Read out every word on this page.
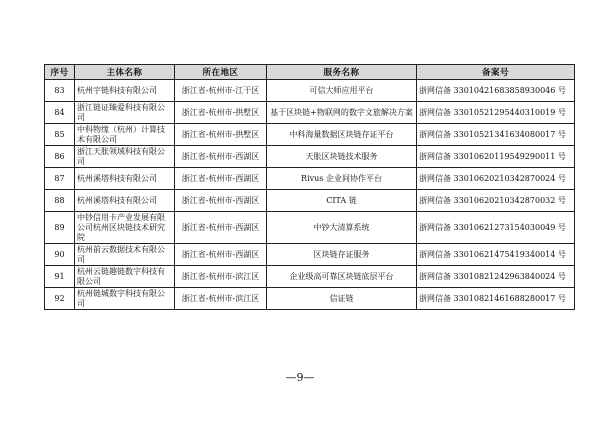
序号	主体名称	所在地区	服务名称	备案号
83	杭州宇链科技有限公司	浙江省-杭州市-江干区	可信大师应用平台	浙网信备 33010421683858930046 号
84	浙江链证臻爱科技有限公司	浙江省-杭州市-拱墅区	基于区块链+物联网的数字文旅解决方案	浙网信备 33010521295440310019 号
85	中科物缘（杭州）计算技术有限公司	浙江省-杭州市-拱墅区	中科海量数据区块链存证平台	浙网信备 33010521341634080017 号
86	浙江天胀领域科技有限公司	浙江省-杭州市-西湖区	天胀区块链技术服务	浙网信备 33010620119549290011 号
87	杭州溪塔科技有限公司	浙江省-杭州市-西湖区	Rivus 企业间协作平台	浙网信备 33010620210342870024 号
88	杭州溪塔科技有限公司	浙江省-杭州市-西湖区	CITA 链	浙网信备 33010620210342870032 号
89	中钞信用卡产业发展有限公司杭州区块链技术研究院	浙江省-杭州市-西湖区	中钞大清算系统	浙网信备 33010621273154030049 号
90	杭州前云数据技术有限公司	浙江省-杭州市-西湖区	区块链存证服务	浙网信备 33010621475419340014 号
91	杭州云链趣链数字科技有限公司	浙江省-杭州市-滨江区	企业级高可靠区块链底层平台	浙网信备 33010821242963840024 号
92	杭州链城数字科技有限公司	浙江省-杭州市-滨江区	信证链	浙网信备 33010821461688280017 号
—9—
